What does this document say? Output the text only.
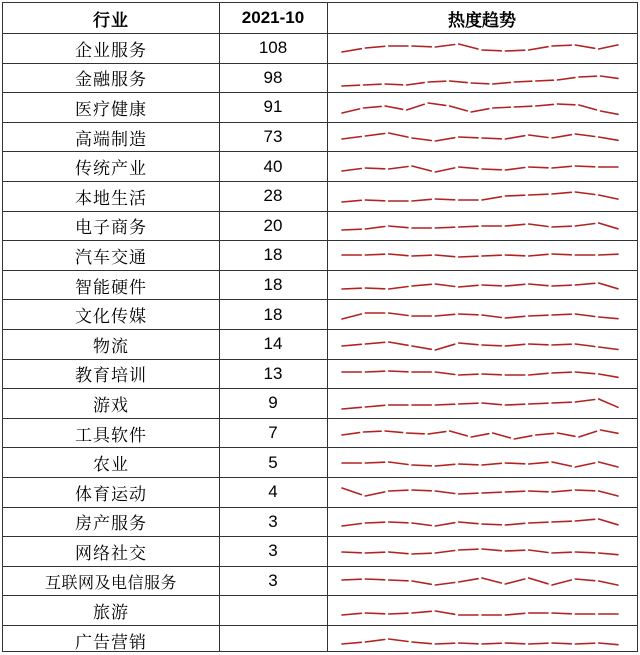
行业	2021-10	热度趋势
企业服务	108
金融服务	98
医疗健康	91
高端制造	73
传统产业	40
本地生活	28
电子商务	20
汽车交通	18
智能硬件	18
文化传媒	18
物流	14
教育培训	13
游戏	9
工具软件	7
农业	5
体育运动	4
房产服务	3
网络社交	3
互联网及电信服务	3
旅游
广告营销
